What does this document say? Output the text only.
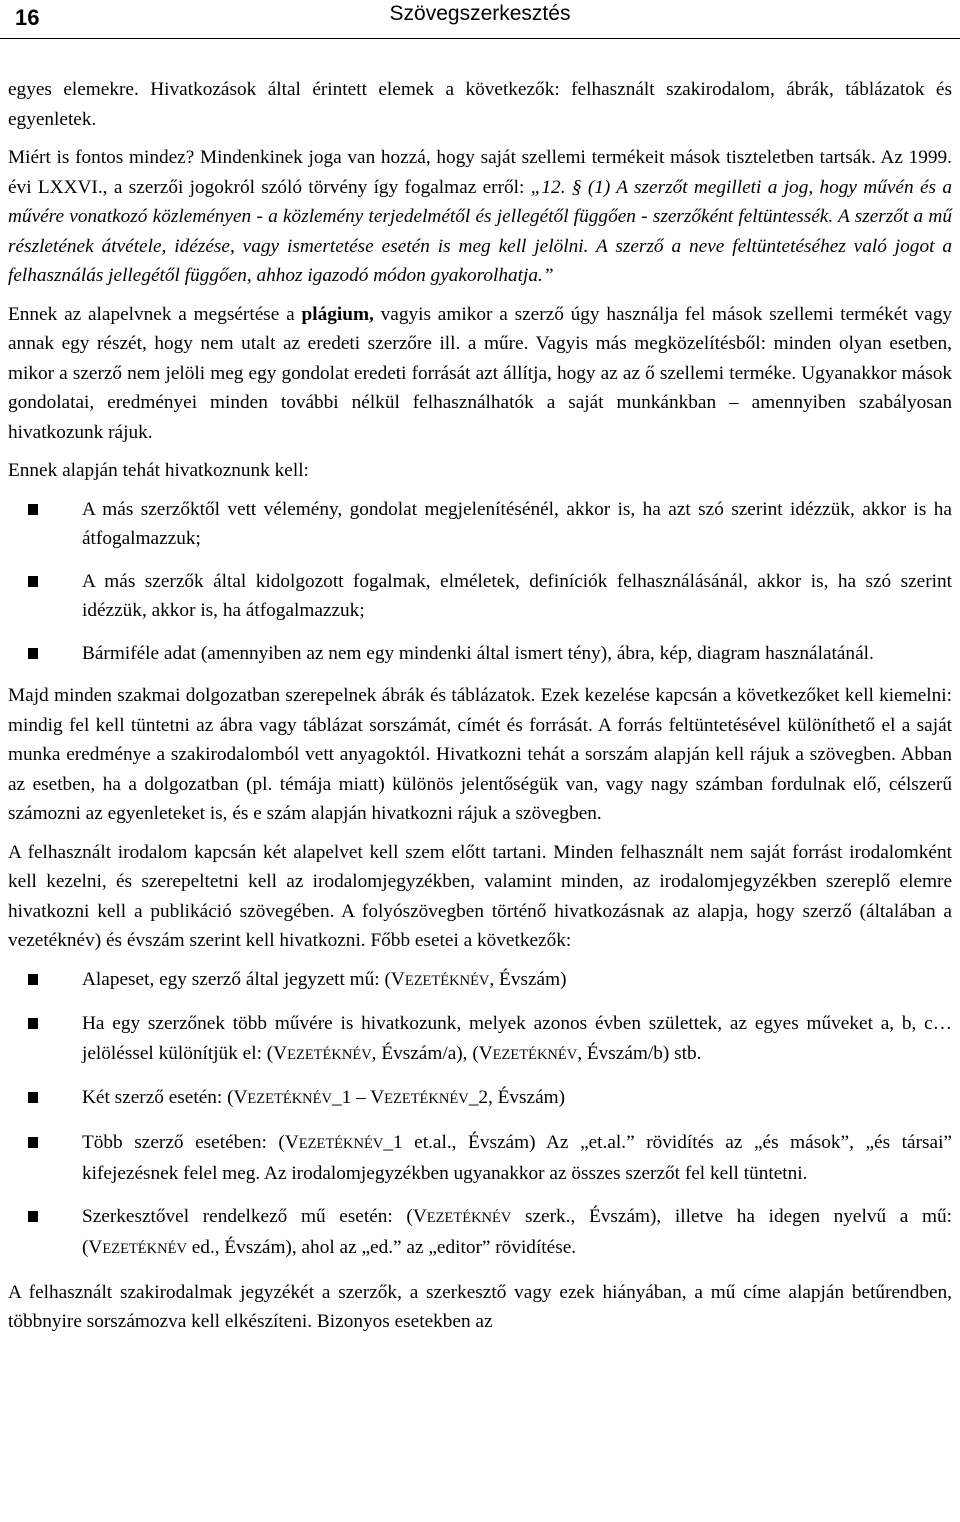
16	Szövegszerkesztés

egyes elemekre. Hivatkozások által érintett elemek a következők: felhasznált szakirodalom, ábrák, táblázatok és egyenletek.

Miért is fontos mindez? Mindenkinek joga van hozzá, hogy saját szellemi termékeit mások tiszteletben tartsák. Az 1999. évi LXXVI., a szerzői jogokról szóló törvény így fogalmaz erről: „12. § (1) A szerzőt megilleti a jog, hogy művén és a művére vonatkozó közleményen - a közlemény terjedelmétől és jellegétől függően - szerzőként feltüntessék. A szerzőt a mű részletének átvétele, idézése, vagy ismertetése esetén is meg kell jelölni. A szerző a neve feltüntetéséhez való jogot a felhasználás jellegétől függően, ahhoz igazodó módon gyakorolhatja.”

Ennek az alapelvnek a megsértése a plágium, vagyis amikor a szerző úgy használja fel mások szellemi termékét vagy annak egy részét, hogy nem utalt az eredeti szerzőre ill. a műre. Vagyis más megközelítésből: minden olyan esetben, mikor a szerző nem jelöli meg egy gondolat eredeti forrását azt állítja, hogy az az ő szellemi terméke. Ugyanakkor mások gondolatai, eredményei minden további nélkül felhasználhatók a saját munkánkban – amennyiben szabályosan hivatkozunk rájuk.

Ennek alapján tehát hivatkoznunk kell:

A más szerzőktől vett vélemény, gondolat megjelenítésénél, akkor is, ha azt szó szerint idézzük, akkor is ha átfogalmazzuk;
A más szerzők által kidolgozott fogalmak, elméletek, definíciók felhasználásánál, akkor is, ha szó szerint idézzük, akkor is, ha átfogalmazzuk;
Bármiféle adat (amennyiben az nem egy mindenki által ismert tény), ábra, kép, diagram használatánál.

Majd minden szakmai dolgozatban szerepelnek ábrák és táblázatok. Ezek kezelése kapcsán a következőket kell kiemelni: mindig fel kell tüntetni az ábra vagy táblázat sorszámát, címét és forrását. A forrás feltüntetésével különíthető el a saját munka eredménye a szakirodalomból vett anyagoktól. Hivatkozni tehát a sorszám alapján kell rájuk a szövegben. Abban az esetben, ha a dolgozatban (pl. témája miatt) különös jelentőségük van, vagy nagy számban fordulnak elő, célszerű számozni az egyenleteket is, és e szám alapján hivatkozni rájuk a szövegben.

A felhasznált irodalom kapcsán két alapelvet kell szem előtt tartani. Minden felhasznált nem saját forrást irodalomként kell kezelni, és szerepeltetni kell az irodalomjegyzékben, valamint minden, az irodalomjegyzékben szereplő elemre hivatkozni kell a publikáció szövegében. A folyószövegben történő hivatkozásnak az alapja, hogy szerző (általában a vezetéknév) és évszám szerint kell hivatkozni. Főbb esetei a következők:

Alapeset, egy szerző által jegyzett mű: (VEZETÉKNÉV, Évszám)
Ha egy szerzőnek több művére is hivatkozunk, melyek azonos évben születtek, az egyes műveket a, b, c… jelöléssel különítjük el: (VEZETÉKNÉV, Évszám/a), (VEZETÉKNÉV, Évszám/b) stb.
Két szerző esetén: (VEZETÉKNÉV_1 – VEZETÉKNÉV_2, Évszám)
Több szerző esetében: (VEZETÉKNÉV_1 et.al., Évszám) Az „et.al.” rövidítés az „és mások”, „és társai” kifejezésnek felel meg. Az irodalomjegyzékben ugyanakkor az összes szerzőt fel kell tüntetni.
Szerkesztővel rendelkező mű esetén: (VEZETÉKNÉV szerk., Évszám), illetve ha idegen nyelvű a mű: (VEZETÉKNÉV ed., Évszám), ahol az „ed.” az „editor” rövidítése.

A felhasznált szakirodalmak jegyzékét a szerzők, a szerkesztő vagy ezek hiányában, a mű címe alapján betűrendben, többnyire sorszámozva kell elkészíteni. Bizonyos esetekben az
